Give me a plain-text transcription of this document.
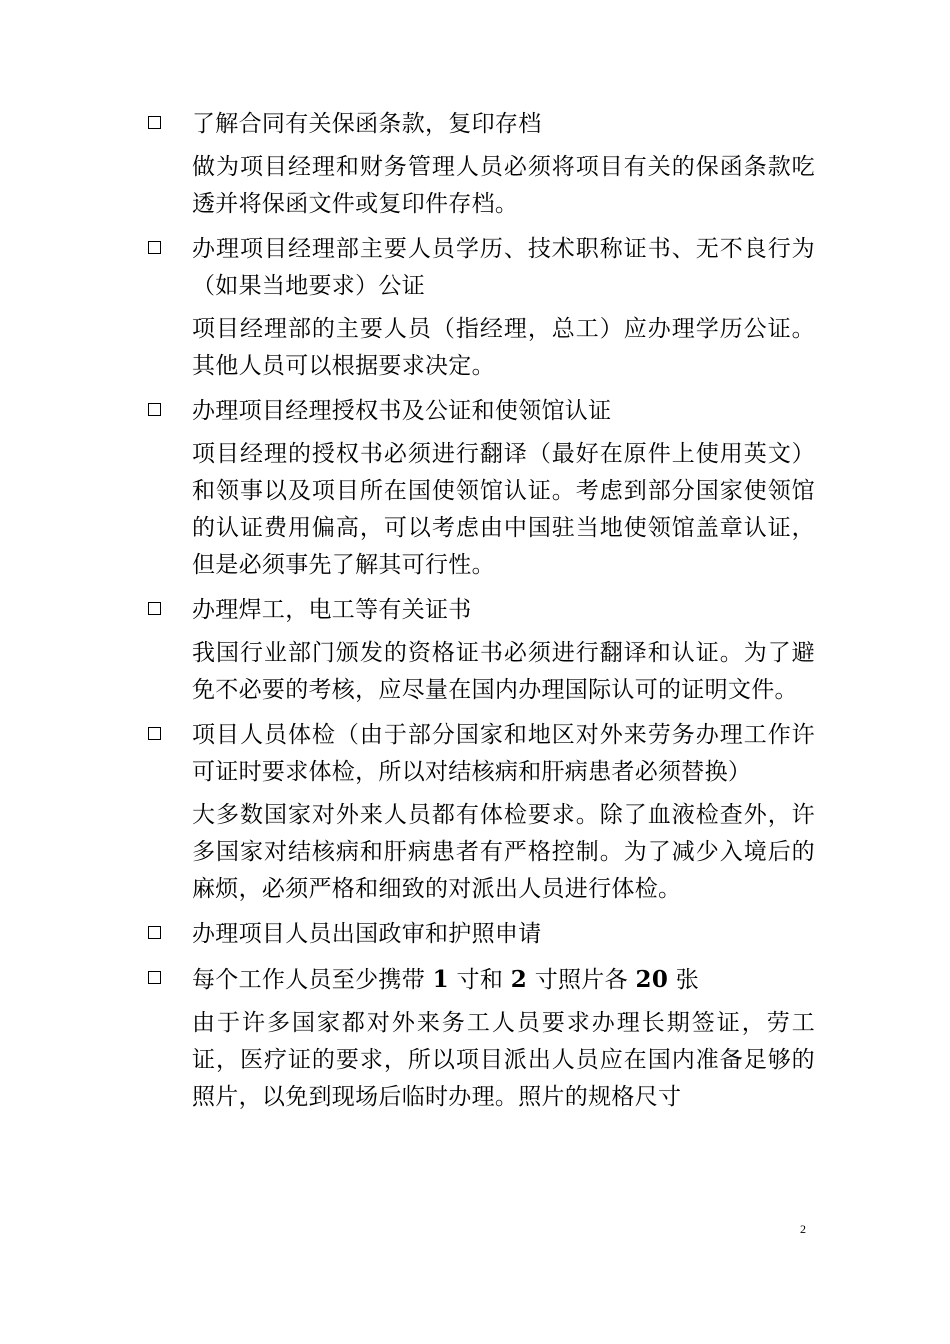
了解合同有关保函条款，复印存档
做为项目经理和财务管理人员必须将项目有关的保函条款吃透并将保函文件或复印件存档。
办理项目经理部主要人员学历、技术职称证书、无不良行为（如果当地要求）公证
项目经理部的主要人员（指经理，总工）应办理学历公证。其他人员可以根据要求决定。
办理项目经理授权书及公证和使领馆认证
项目经理的授权书必须进行翻译（最好在原件上使用英文）和领事以及项目所在国使领馆认证。考虑到部分国家使领馆的认证费用偏高，可以考虑由中国驻当地使领馆盖章认证，但是必须事先了解其可行性。
办理焊工，电工等有关证书
我国行业部门颁发的资格证书必须进行翻译和认证。为了避免不必要的考核，应尽量在国内办理国际认可的证明文件。
项目人员体检（由于部分国家和地区对外来劳务办理工作许可证时要求体检，所以对结核病和肝病患者必须替换）
大多数国家对外来人员都有体检要求。除了血液检查外，许多国家对结核病和肝病患者有严格控制。为了减少入境后的麻烦，必须严格和细致的对派出人员进行体检。
办理项目人员出国政审和护照申请
每个工作人员至少携带 1 寸和 2 寸照片各 20 张
由于许多国家都对外来务工人员要求办理长期签证，劳工证，医疗证的要求，所以项目派出人员应在国内准备足够的照片，以免到现场后临时办理。照片的规格尺寸
2
